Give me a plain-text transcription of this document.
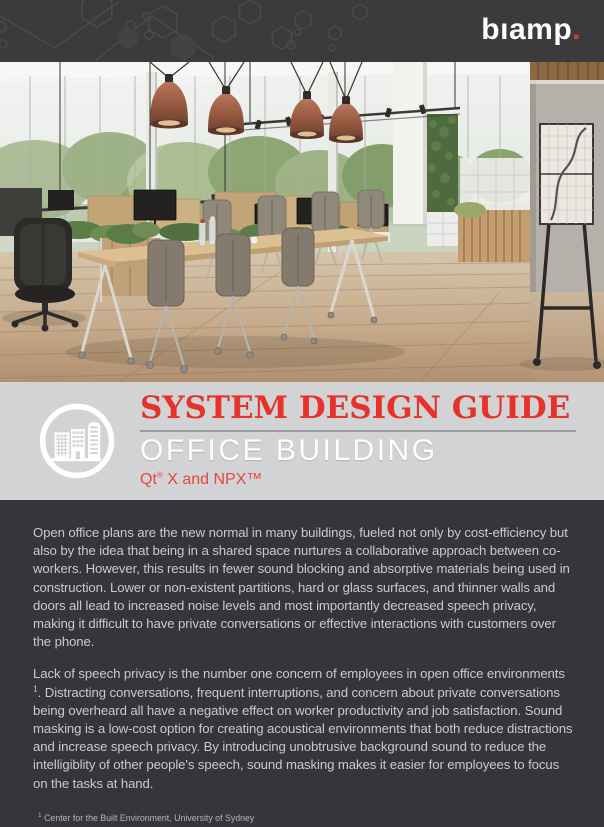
bıamp.
SYSTEM DESIGN GUIDE
OFFICE BUILDING
Qt® X and NPX™

Open office plans are the new normal in many buildings, fueled not only by cost-efficiency but also by the idea that being in a shared space nurtures a collaborative approach between co-workers. However, this results in fewer sound blocking and absorptive materials being used in construction. Lower or non-existent partitions, hard or glass surfaces, and thinner walls and doors all lead to increased noise levels and most importantly decreased speech privacy, making it difficult to have private conversations or effective interactions with customers over the phone.

Lack of speech privacy is the number one concern of employees in open office environments $^1$. Distracting conversations, frequent interruptions, and concern about private conversations being overheard all have a negative effect on worker productivity and job satisfaction. Sound masking is a low-cost option for creating acoustical environments that both reduce distractions and increase speech privacy. By introducing unobtrusive background sound to reduce the intelligiblity of other people's speech, sound masking makes it easier for employees to focus on the tasks at hand.

$^1$ Center for the Built Environment, University of Sydney
